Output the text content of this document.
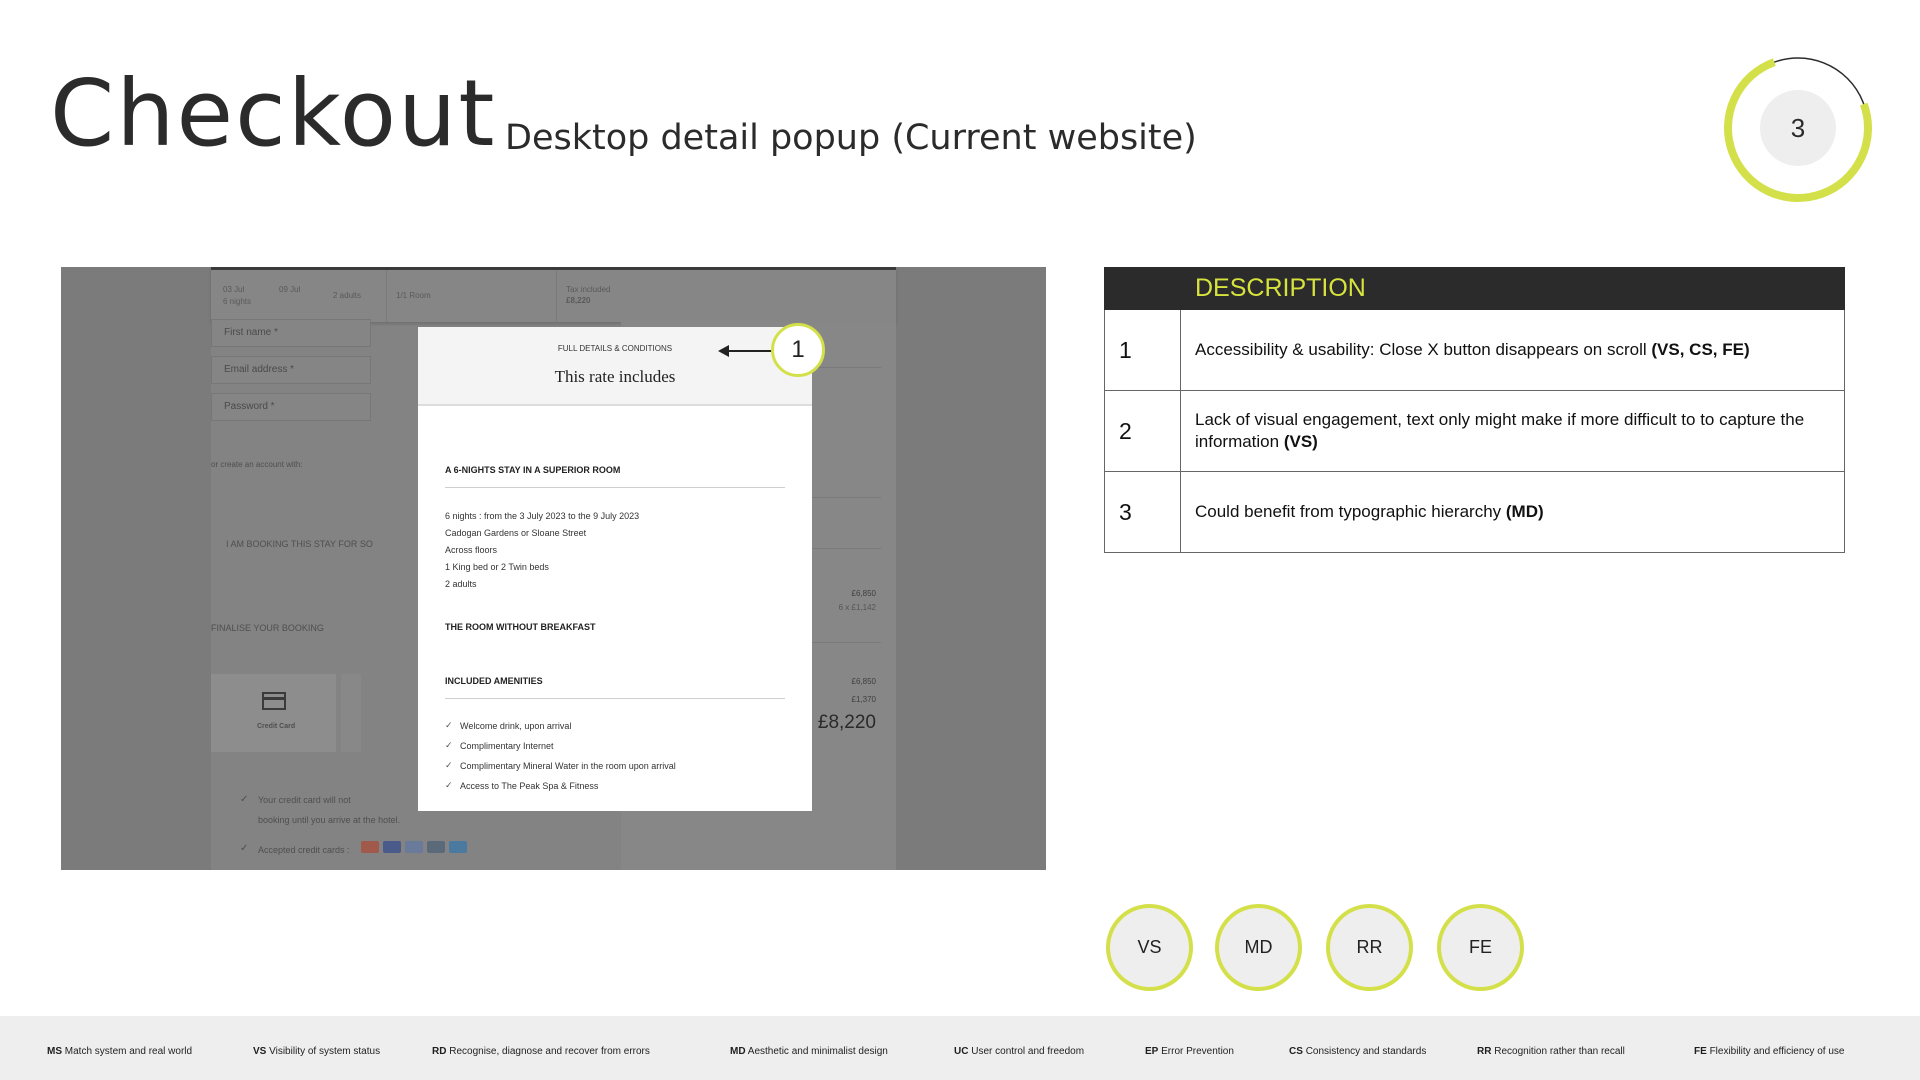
Checkout Desktop detail popup (Current website)	3
03 Jul
6 nights
09 Jul
2 adults	1/1 Room
Tax included
£8,220
First name *
Email address *
Password *
or create an account with:
I AM BOOKING THIS STAY FOR SO
FINALISE YOUR BOOKING
Credit Card
✓ Your credit card will not
booking until you arrive at the hotel.
✓ Accepted credit cards :
£6,850
6 x £1,142
£6,850
£1,370
£8,220
FULL DETAILS & CONDITIONS
This rate includes
A 6-NIGHTS STAY IN A SUPERIOR ROOM
6 nights : from the 3 July 2023 to the 9 July 2023
Cadogan Gardens or Sloane Street
Across floors
1 King bed or 2 Twin beds
2 adults
THE ROOM WITHOUT BREAKFAST
INCLUDED AMENITIES
✓ Welcome drink, upon arrival
✓ Complimentary Internet
✓ Complimentary Mineral Water in the room upon arrival
✓ Access to The Peak Spa & Fitness
1
DESCRIPTION
1	Accessibility & usability: Close X button disappears on scroll (VS, CS, FE)
2	Lack of visual engagement, text only might make if more difficult to to capture the information (VS)
3	Could benefit from typographic hierarchy (MD)
VS	MD	RR	FE
MS Match system and real world	VS Visibility of system status	RD Recognise, diagnose and recover from errors	MD Aesthetic and minimalist design	UC User control and freedom	EP Error Prevention	CS Consistency and standards	RR Recognition rather than recall	FE Flexibility and efficiency of use
